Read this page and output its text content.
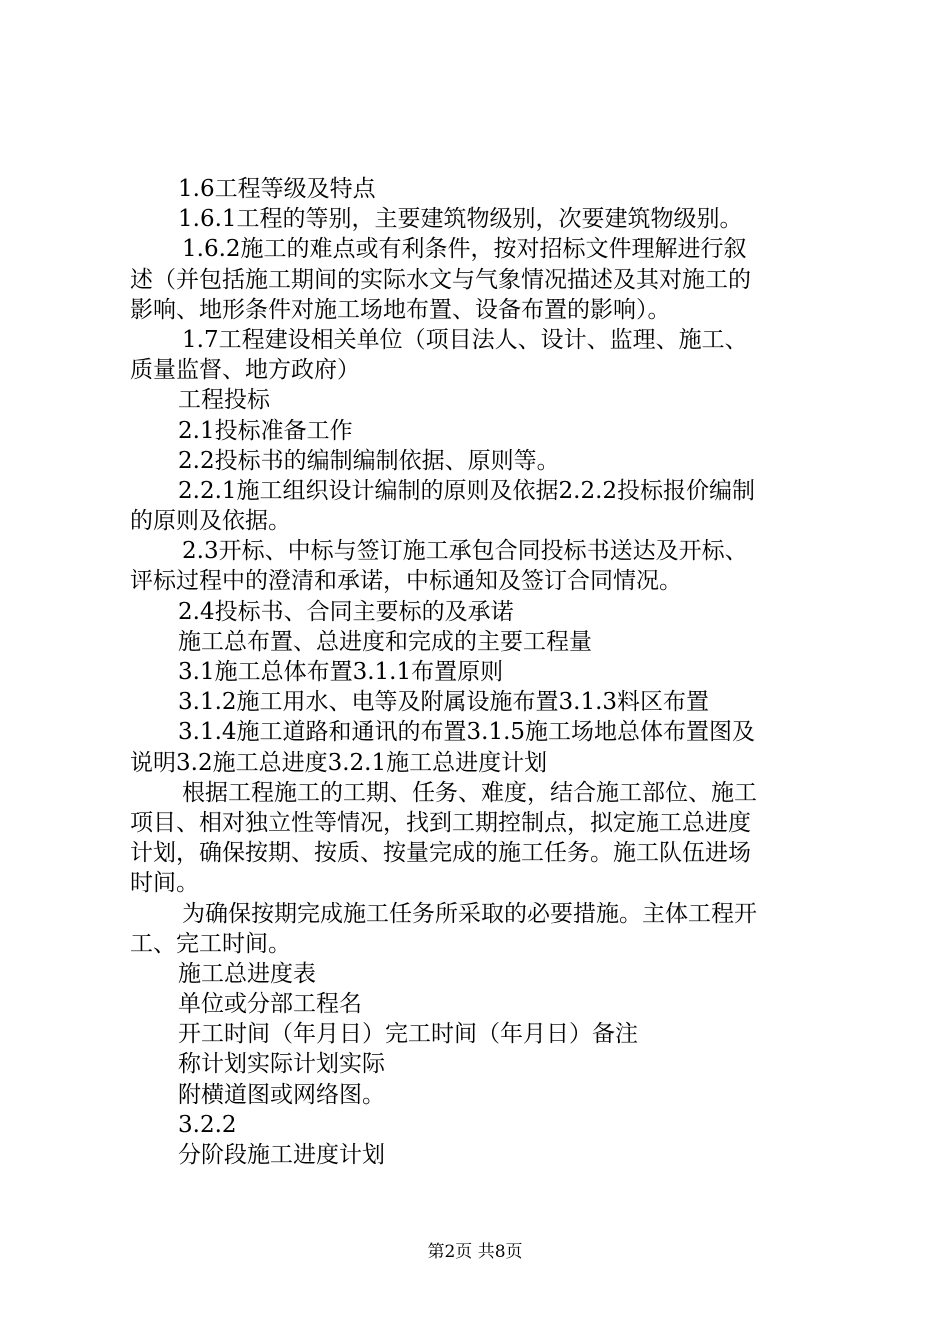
1.6工程等级及特点
1.6.1工程的等别，主要建筑物级别，次要建筑物级别。
1.6.2施工的难点或有利条件，按对招标文件理解进行叙
述（并包括施工期间的实际水文与气象情况描述及其对施工的
影响、地形条件对施工场地布置、设备布置的影响）。
1.7工程建设相关单位（项目法人、设计、监理、施工、
质量监督、地方政府）
工程投标
2.1投标准备工作
2.2投标书的编制编制依据、原则等。
2.2.1施工组织设计编制的原则及依据2.2.2投标报价编制
的原则及依据。
2.3开标、中标与签订施工承包合同投标书送达及开标、
评标过程中的澄清和承诺，中标通知及签订合同情况。
2.4投标书、合同主要标的及承诺
施工总布置、总进度和完成的主要工程量
3.1施工总体布置3.1.1布置原则
3.1.2施工用水、电等及附属设施布置3.1.3料区布置
3.1.4施工道路和通讯的布置3.1.5施工场地总体布置图及
说明3.2施工总进度3.2.1施工总进度计划
根据工程施工的工期、任务、难度，结合施工部位、施工
项目、相对独立性等情况，找到工期控制点，拟定施工总进度
计划，确保按期、按质、按量完成的施工任务。施工队伍进场
时间。
为确保按期完成施工任务所采取的必要措施。主体工程开
工、完工时间。
施工总进度表
单位或分部工程名
开工时间（年月日）完工时间（年月日）备注
称计划实际计划实际
附横道图或网络图。
3.2.2
分阶段施工进度计划
第2页 共8页
